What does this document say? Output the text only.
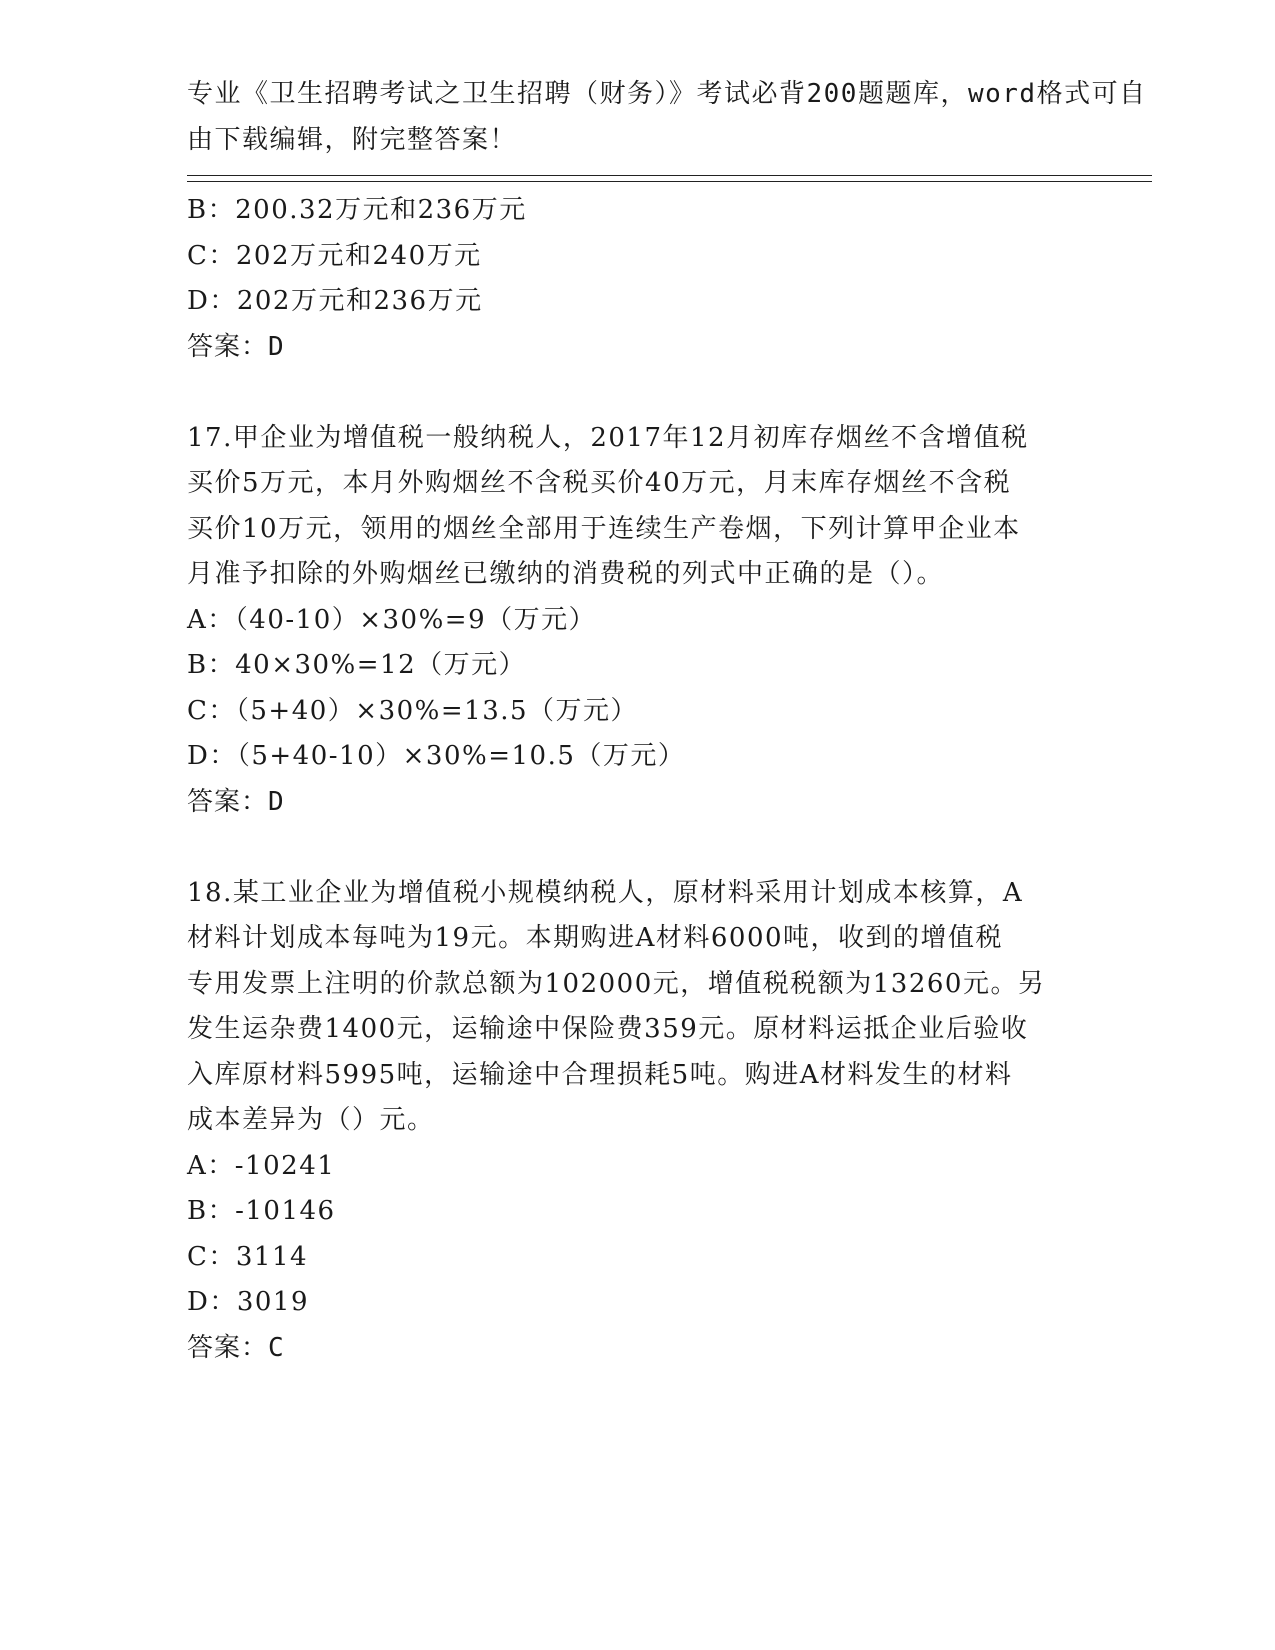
专业《卫生招聘考试之卫生招聘（财务）》考试必背200题题库，word格式可自
由下载编辑，附完整答案！
B：200.32万元和236万元
C：202万元和240万元
D：202万元和236万元
答案：D
17.甲企业为增值税一般纳税人，2017年12月初库存烟丝不含增值税
买价5万元，本月外购烟丝不含税买价40万元，月末库存烟丝不含税
买价10万元，领用的烟丝全部用于连续生产卷烟，下列计算甲企业本
月准予扣除的外购烟丝已缴纳的消费税的列式中正确的是（）。
A：（40-10）×30%=9（万元）
B：40×30%=12（万元）
C：（5+40）×30%=13.5（万元）
D：（5+40-10）×30%=10.5（万元）
答案：D
18.某工业企业为增值税小规模纳税人，原材料采用计划成本核算，A
材料计划成本每吨为19元。本期购进A材料6000吨，收到的增值税
专用发票上注明的价款总额为102000元，增值税税额为13260元。另
发生运杂费1400元，运输途中保险费359元。原材料运抵企业后验收
入库原材料5995吨，运输途中合理损耗5吨。购进A材料发生的材料
成本差异为（）元。
A：-10241
B：-10146
C：3114
D：3019
答案：C
